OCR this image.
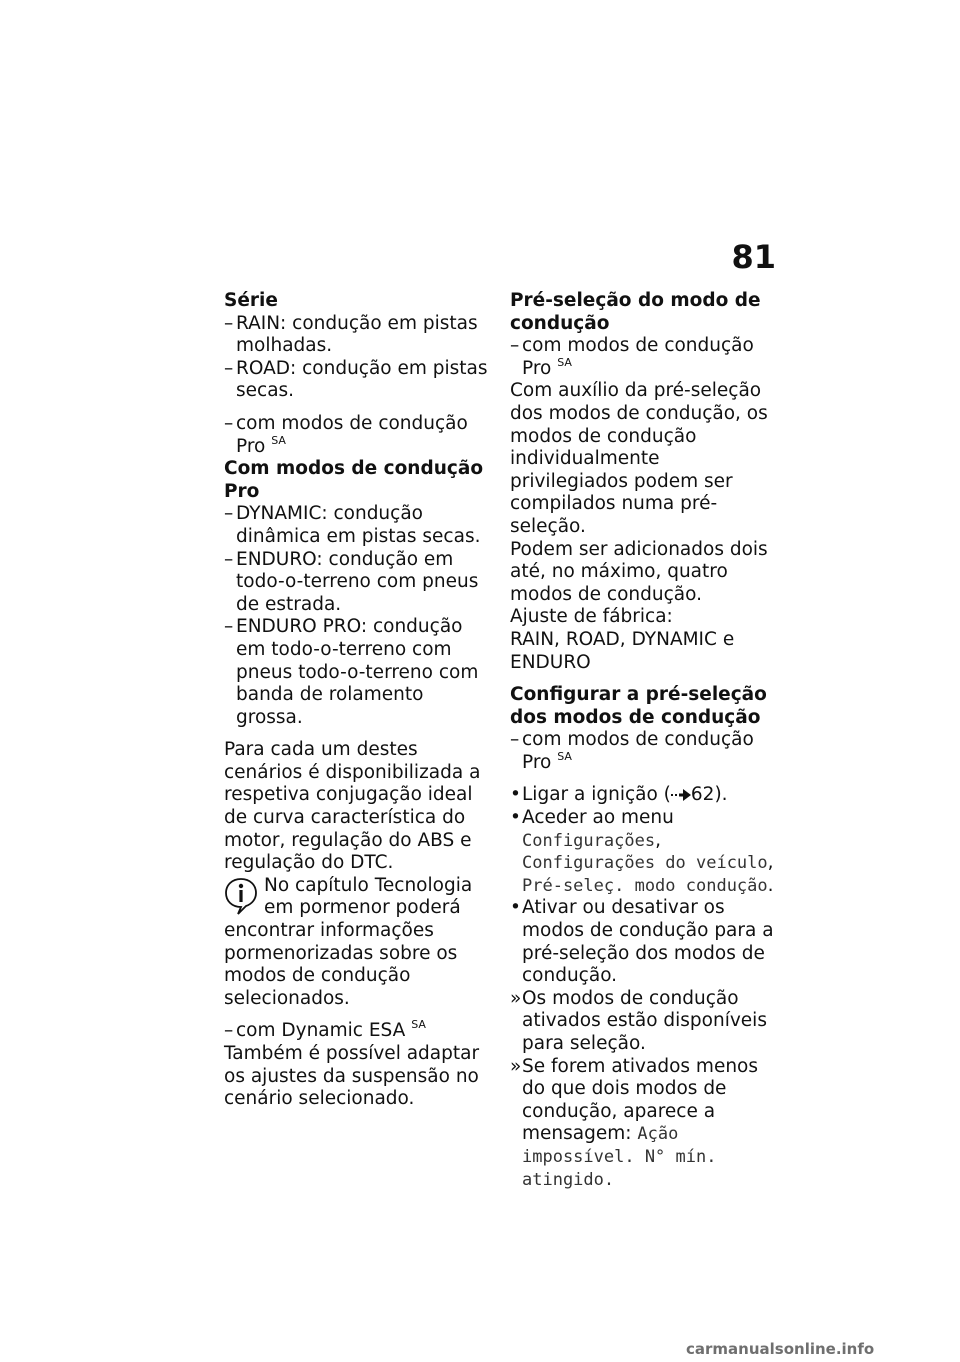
81

Série

– RAIN: condução em pistas molhadas.

– ROAD: condução em pistas secas.

– com modos de condução Pro $^{SA}$

Com modos de condução Pro

– DYNAMIC: condução dinâmica em pistas secas.

– ENDURO: condução em todo-o-terreno com pneus de estrada.

– ENDURO PRO: condução em todo-o-terreno com pneus todo-o-terreno com banda de rolamento grossa.

Para cada um destes cenários é disponibilizada a respetiva conjugação ideal de curva característica do motor, regulação do ABS e regulação do DTC.

No capítulo Tecnologia em pormenor poderá encontrar informações pormenorizadas sobre os modos de condução selecionados.

– com Dynamic ESA $^{SA}$

Também é possível adaptar os ajustes da suspensão no cenário selecionado.

Pré-seleção do modo de condução

– com modos de condução Pro $^{SA}$

Com auxílio da pré-seleção dos modos de condução, os modos de condução individualmente privilegiados podem ser compilados numa pré-seleção.

Podem ser adicionados dois até, no máximo, quatro modos de condução.

Ajuste de fábrica:

RAIN, ROAD, DYNAMIC e ENDURO

Configurar a pré-seleção dos modos de condução

– com modos de condução Pro $^{SA}$

• Ligar a ignição ( 62).

• Aceder ao menu Configurações, Configurações do veículo, Pré-seleç. modo condução.

• Ativar ou desativar os modos de condução para a pré-seleção dos modos de condução.

» Os modos de condução ativados estão disponíveis para seleção.

» Se forem ativados menos do que dois modos de condução, aparece a mensagem: Ação impossível. N° mín. atingido.

carmanualsonline.info
